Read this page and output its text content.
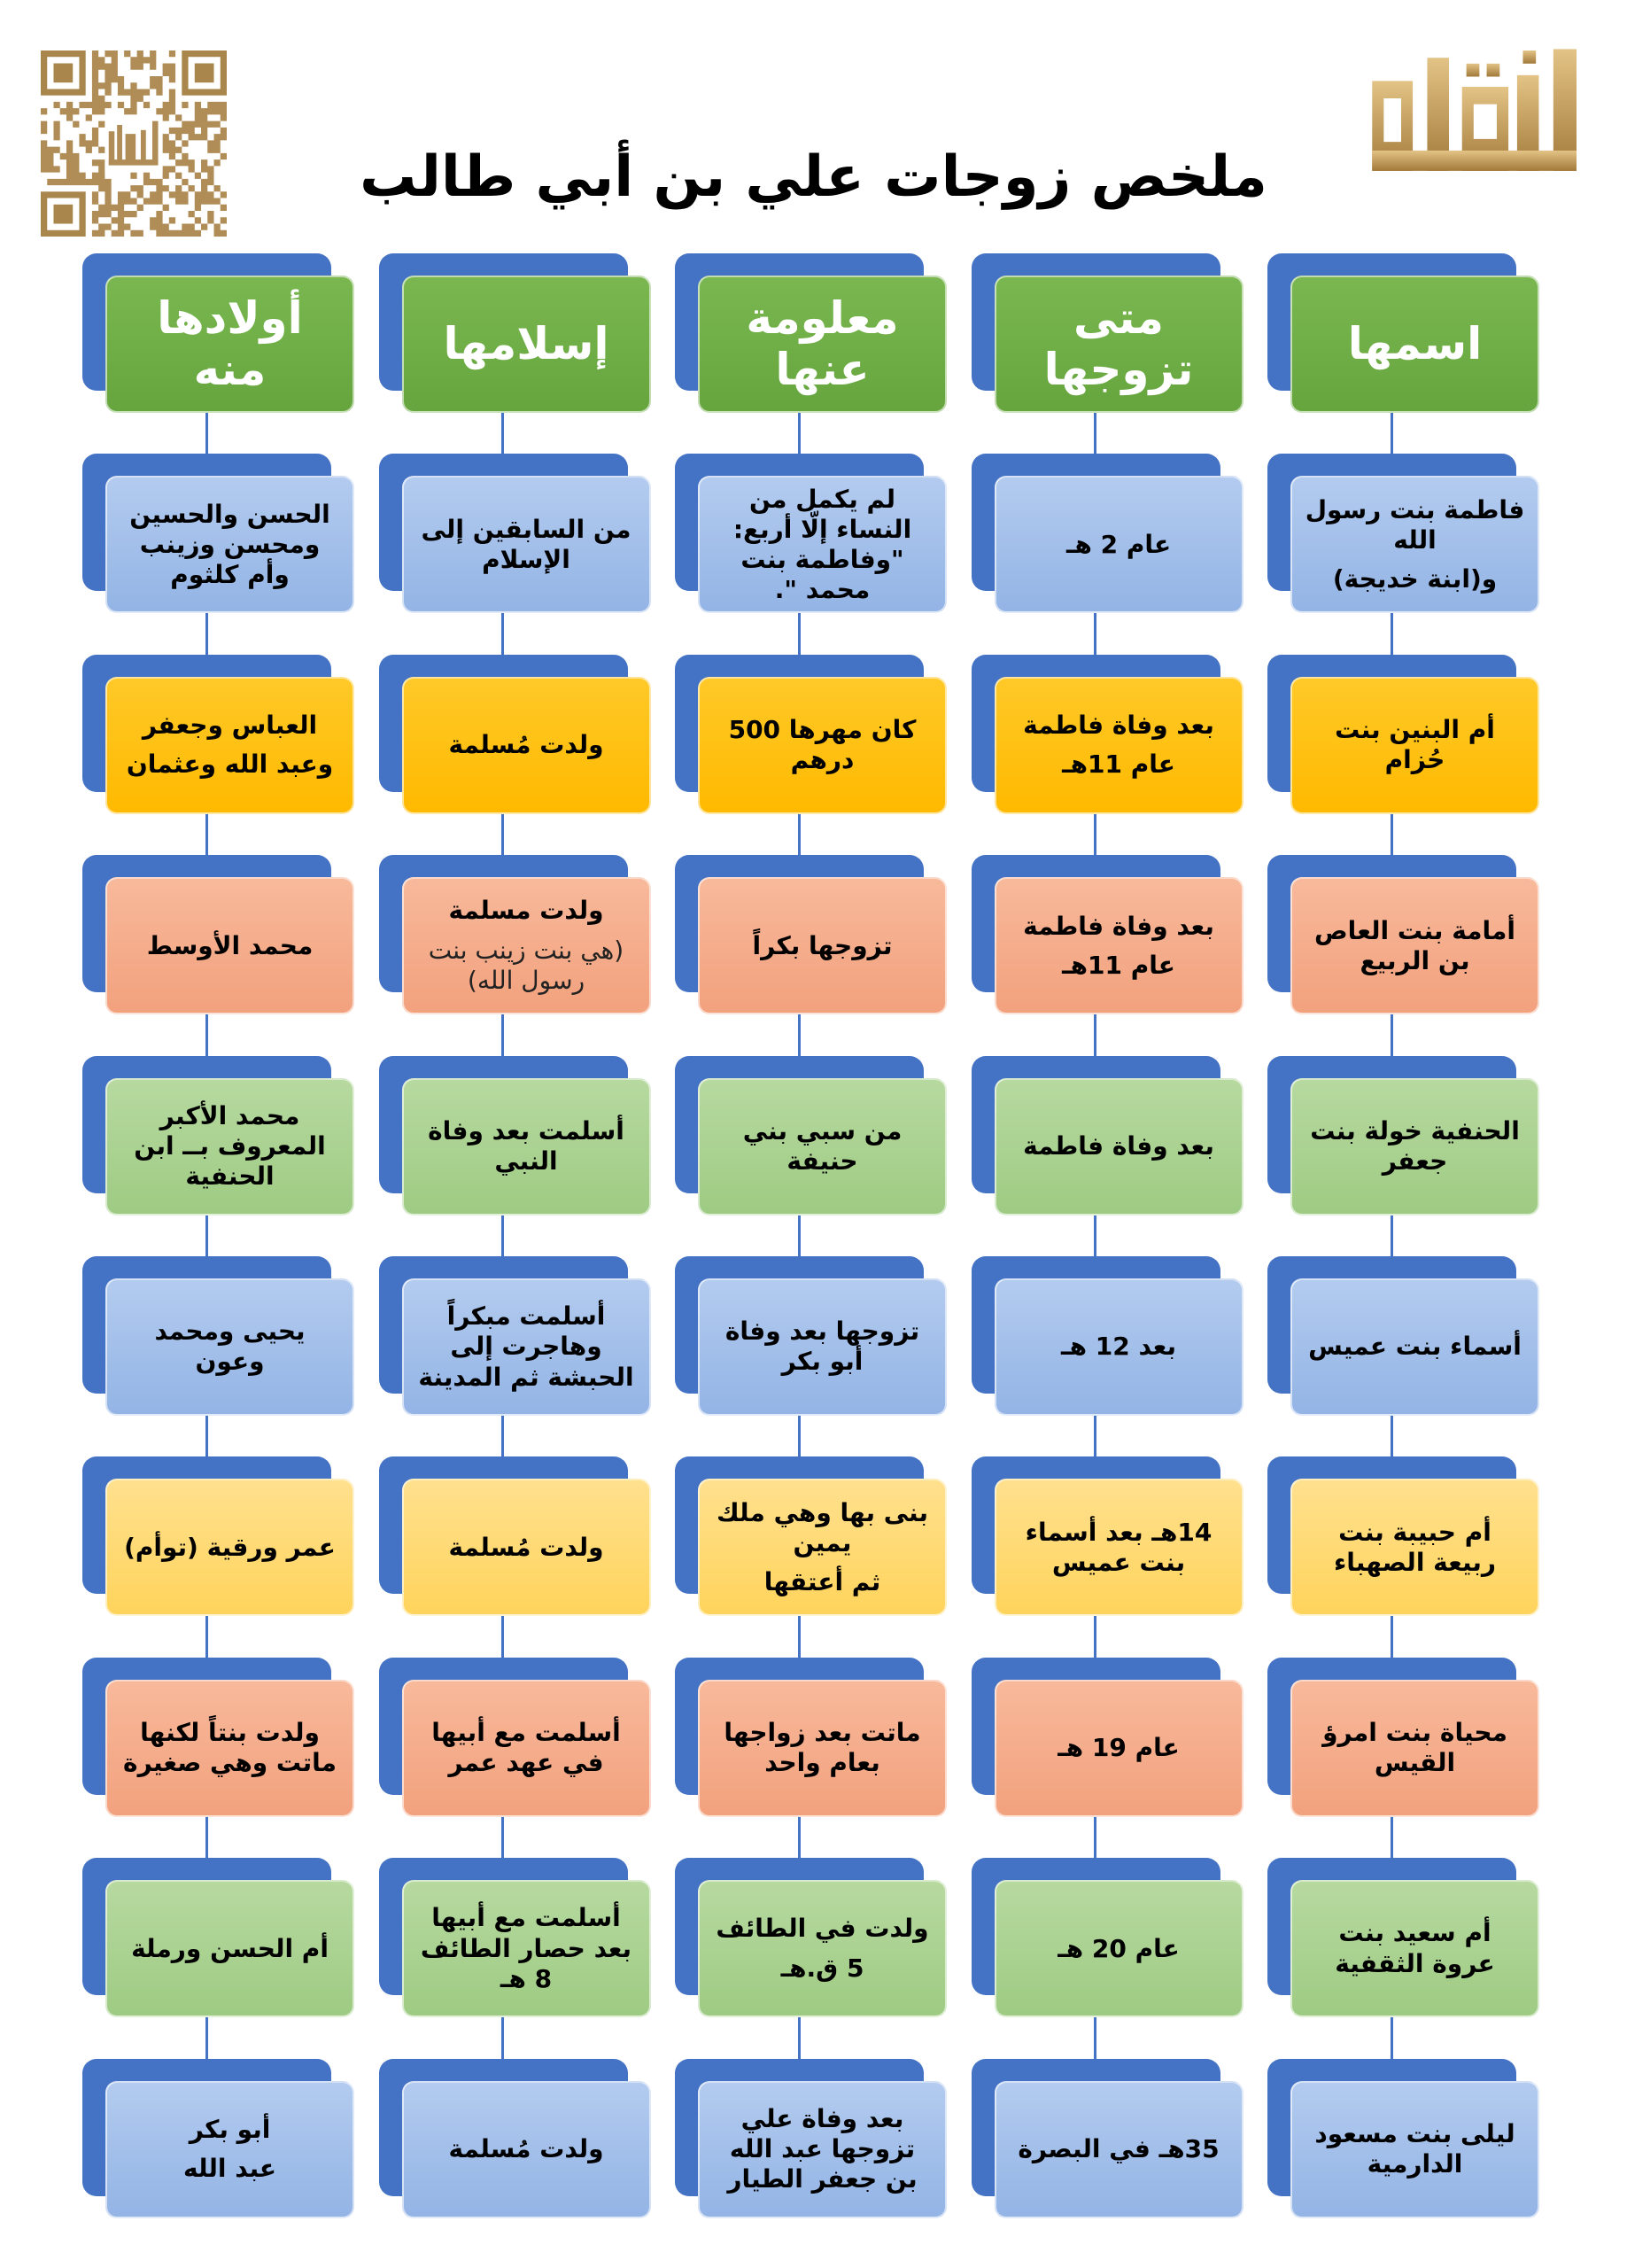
ملخص زوجات علي بن أبي طالب
اسمها
متى تزوجها
معلومة عنها
إسلامها
أولادها منه
فاطمة بنت رسول الله
و(ابنة خديجة)
عام 2 هـ
لم يكمل من النساء إلّا أربع: "وفاطمة بنت محمد ".
من السابقين إلى الإسلام
الحسن والحسين ومحسن وزينب وأم كلثوم
أم البنين بنت حُزام
بعد وفاة فاطمة
عام 11هـ
كان مهرها 500 درهم
ولدت مُسلمة
العباس وجعفر
وعبد الله وعثمان
أمامة بنت العاص بن الربيع
بعد وفاة فاطمة
عام 11هـ
تزوجها بكراً
ولدت مسلمة
(هي بنت زينب بنت رسول الله)
محمد الأوسط
الحنفية خولة بنت جعفر
بعد وفاة فاطمة
من سبي بني حنيفة
أسلمت بعد وفاة النبي
محمد الأكبر المعروف بــ ابن الحنفية
أسماء بنت عميس
بعد 12 هـ
تزوجها بعد وفاة أبو بكر
أسلمت مبكراً وهاجرت إلى الحبشة ثم المدينة
يحيى ومحمد وعون
أم حبيبة بنت ربيعة الصهباء
14هـ بعد أسماء بنت عميس
بنى بها وهي ملك يمين
ثم أعتقها
ولدت مُسلمة
عمر ورقية (توأم)
محياة بنت امرؤ القيس
عام 19 هـ
ماتت بعد زواجها بعام واحد
أسلمت مع أبيها في عهد عمر
ولدت بنتاً لكنها ماتت وهي صغيرة
أم سعيد بنت عروة الثقفية
عام 20 هـ
ولدت في الطائف
5 ق.هـ
أسلمت مع أبيها بعد حصار الطائف 8 هـ
أم الحسن ورملة
ليلى بنت مسعود الدارمية
35هـ في البصرة
بعد وفاة علي تزوجها عبد الله بن جعفر الطيار
ولدت مُسلمة
أبو بكر
عبد الله
